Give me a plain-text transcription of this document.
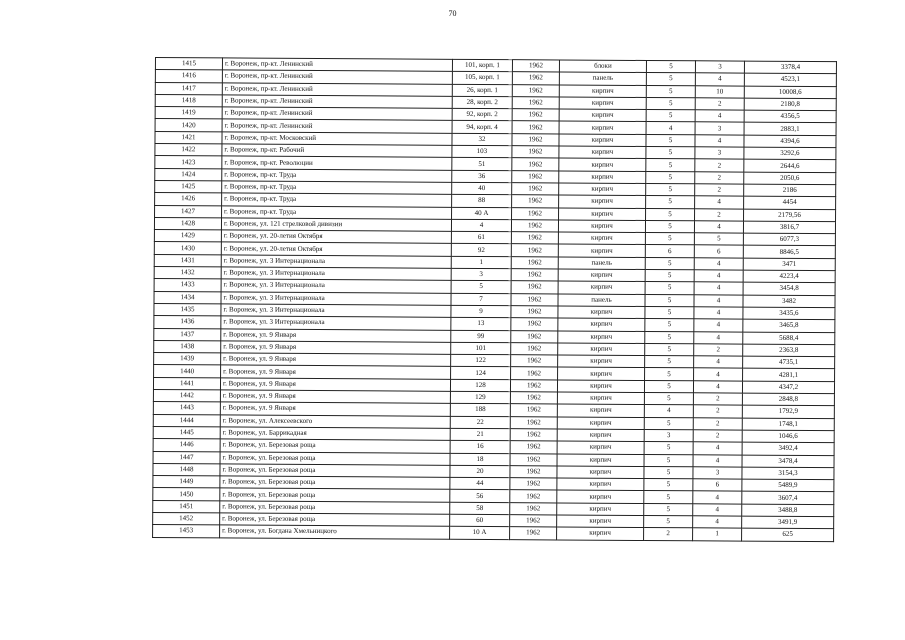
70
1415	г. Воронеж, пр-кт. Ленинский	101, корп. 1	1962	блоки	5	3	3378,4
1416	г. Воронеж, пр-кт. Ленинский	105, корп. 1	1962	панель	5	4	4523,1
1417	г. Воронеж, пр-кт. Ленинский	26, корп. 1	1962	кирпич	5	10	10008,6
1418	г. Воронеж, пр-кт. Ленинский	28, корп. 2	1962	кирпич	5	2	2180,8
1419	г. Воронеж, пр-кт. Ленинский	92, корп. 2	1962	кирпич	5	4	4356,5
1420	г. Воронеж, пр-кт. Ленинский	94, корп. 4	1962	кирпич	4	3	2883,1
1421	г. Воронеж, пр-кт. Московский	32	1962	кирпич	5	4	4394,6
1422	г. Воронеж, пр-кт. Рабочий	103	1962	кирпич	5	3	3292,6
1423	г. Воронеж, пр-кт. Революции	51	1962	кирпич	5	2	2644,6
1424	г. Воронеж, пр-кт. Труда	36	1962	кирпич	5	2	2050,6
1425	г. Воронеж, пр-кт. Труда	40	1962	кирпич	5	2	2186
1426	г. Воронеж, пр-кт. Труда	88	1962	кирпич	5	4	4454
1427	г. Воронеж, пр-кт. Труда	40 А	1962	кирпич	5	2	2179,56
1428	г. Воронеж, ул. 121 стрелковой дивизии	4	1962	кирпич	5	4	3816,7
1429	г. Воронеж, ул. 20-летия Октября	61	1962	кирпич	5	5	6077,3
1430	г. Воронеж, ул. 20-летия Октября	92	1962	кирпич	6	6	8846,5
1431	г. Воронеж, ул. 3 Интернационала	1	1962	панель	5	4	3471
1432	г. Воронеж, ул. 3 Интернационала	3	1962	кирпич	5	4	4223,4
1433	г. Воронеж, ул. 3 Интернационала	5	1962	кирпич	5	4	3454,8
1434	г. Воронеж, ул. 3 Интернационала	7	1962	панель	5	4	3482
1435	г. Воронеж, ул. 3 Интернационала	9	1962	кирпич	5	4	3435,6
1436	г. Воронеж, ул. 3 Интернационала	13	1962	кирпич	5	4	3465,8
1437	г. Воронеж, ул. 9 Января	99	1962	кирпич	5	4	5688,4
1438	г. Воронеж, ул. 9 Января	101	1962	кирпич	5	2	2363,8
1439	г. Воронеж, ул. 9 Января	122	1962	кирпич	5	4	4735,1
1440	г. Воронеж, ул. 9 Января	124	1962	кирпич	5	4	4281,1
1441	г. Воронеж, ул. 9 Января	128	1962	кирпич	5	4	4347,2
1442	г. Воронеж, ул. 9 Января	129	1962	кирпич	5	2	2848,8
1443	г. Воронеж, ул. 9 Января	188	1962	кирпич	4	2	1792,9
1444	г. Воронеж, ул. Алексеевского	22	1962	кирпич	5	2	1748,1
1445	г. Воронеж, ул. Баррикадная	21	1962	кирпич	3	2	1046,6
1446	г. Воронеж, ул. Березовая роща	16	1962	кирпич	5	4	3492,4
1447	г. Воронеж, ул. Березовая роща	18	1962	кирпич	5	4	3478,4
1448	г. Воронеж, ул. Березовая роща	20	1962	кирпич	5	3	3154,3
1449	г. Воронеж, ул. Березовая роща	44	1962	кирпич	5	6	5489,9
1450	г. Воронеж, ул. Березовая роща	56	1962	кирпич	5	4	3607,4
1451	г. Воронеж, ул. Березовая роща	58	1962	кирпич	5	4	3488,8
1452	г. Воронеж, ул. Березовая роща	60	1962	кирпич	5	4	3491,9
1453	г. Воронеж, ул. Богдана Хмельницкого	10 А	1962	кирпич	2	1	625
